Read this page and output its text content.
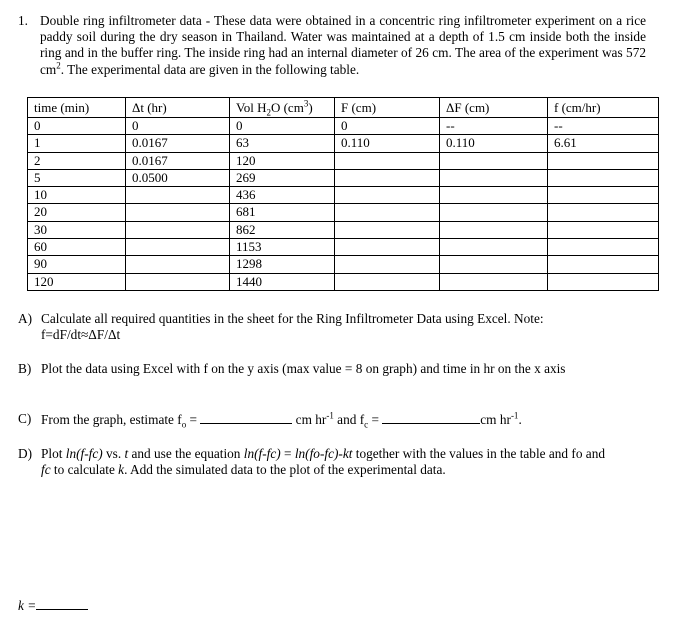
1. Double ring infiltrometer data - These data were obtained in a concentric ring infiltrometer experiment on a rice paddy soil during the dry season in Thailand. Water was maintained at a depth of 1.5 cm inside both the inside ring and in the buffer ring. The inside ring had an internal diameter of 26 cm. The area of the experiment was 572 $cm^2$. The experimental data are given in the following table.
time (min)	Δt (hr)	Vol $H_2O$ $(cm^3)$	F (cm)	ΔF (cm)	f (cm/hr)
0	0	0	0	--	--
1	0.0167	63	0.110	0.110	6.61
2	0.0167	120			
5	0.0500	269			
10		436			
20		681			
30		862			
60		1153			
90		1298			
120		1440			
A) Calculate all required quantities in the sheet for the Ring Infiltrometer Data using Excel. Note:
f=dF/dt≈ΔF/Δt
B) Plot the data using Excel with f on the y axis (max value = 8 on graph) and time in hr on the x axis
C) From the graph, estimate $f_o$ =	cm $hr^{-1}$ and $f_c$ =	cm $hr^{-1}$.
D) Plot ln(f-fc) vs. t and use the equation ln(f-fc) = ln(fo-fc)-kt together with the values in the table and fo and
fc to calculate k. Add the simulated data to the plot of the experimental data.
k =
